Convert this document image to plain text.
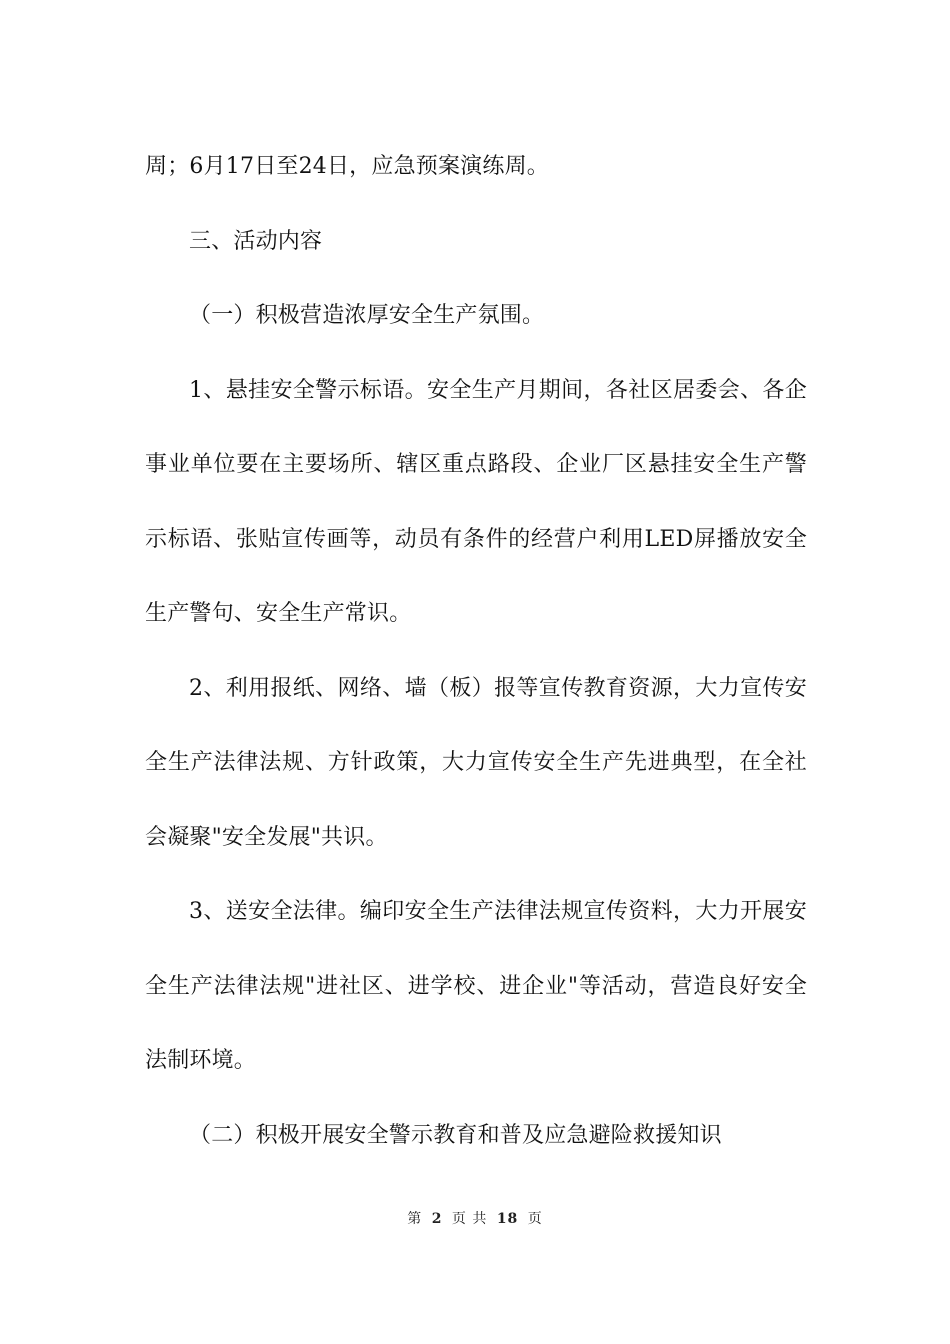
周；6月17日至24日，应急预案演练周。

三、活动内容

（一）积极营造浓厚安全生产氛围。

1、悬挂安全警示标语。安全生产月期间，各社区居委会、各企事业单位要在主要场所、辖区重点路段、企业厂区悬挂安全生产警示标语、张贴宣传画等，动员有条件的经营户利用LED屏播放安全生产警句、安全生产常识。

2、利用报纸、网络、墙（板）报等宣传教育资源，大力宣传安全生产法律法规、方针政策，大力宣传安全生产先进典型，在全社会凝聚"安全发展"共识。

3、送安全法律。编印安全生产法律法规宣传资料，大力开展安全生产法律法规"进社区、进学校、进企业"等活动，营造良好安全法制环境。

（二）积极开展安全警示教育和普及应急避险救援知识

第 2 页 共 18 页
